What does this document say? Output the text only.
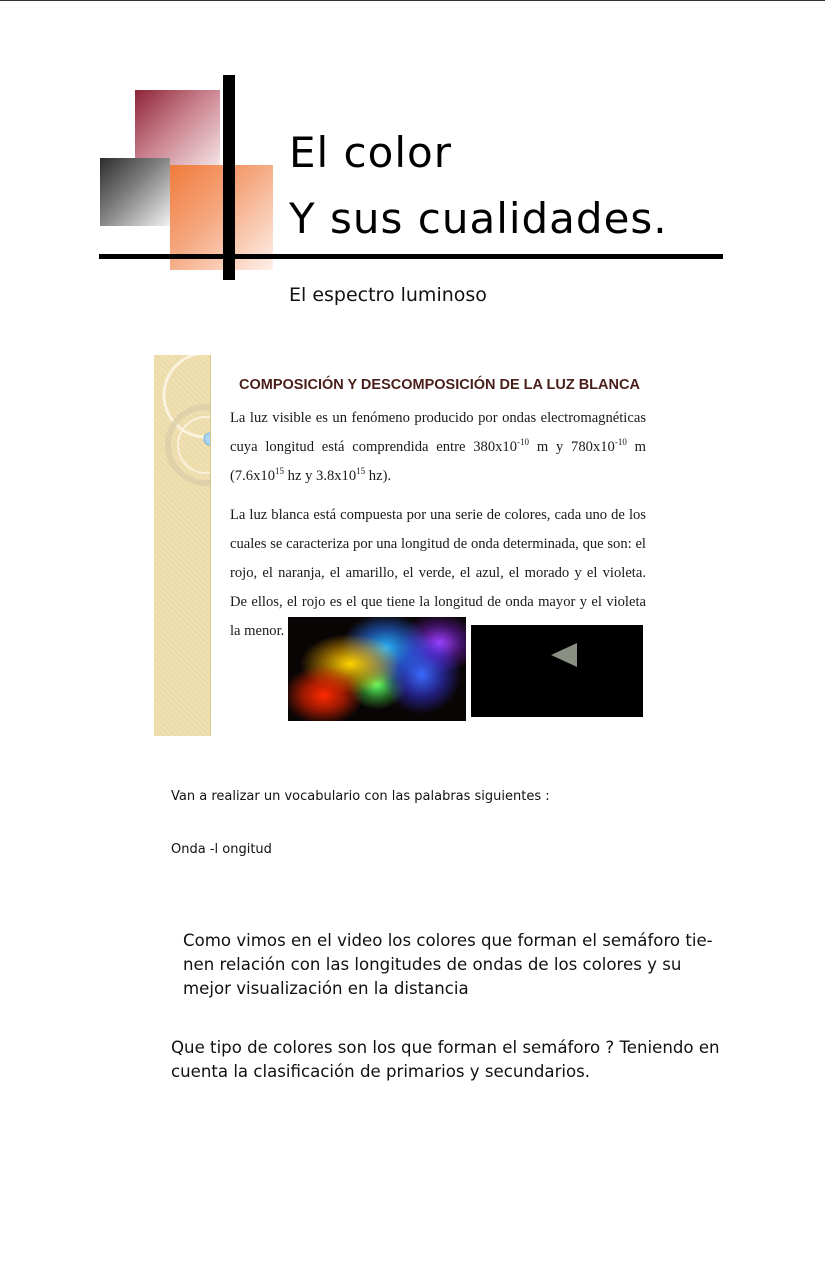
El color
Y sus cualidades.
El espectro luminoso
COMPOSICIÓN Y DESCOMPOSICIÓN DE LA LUZ BLANCA

La luz visible es un fenómeno producido por ondas electromagnéticas cuya longitud está comprendida entre $380x10^{-10}$ m y $780x10^{-10}$ m ($7.6x10^{15}$ hz y $3.8x10^{15}$ hz).

La luz blanca está compuesta por una serie de colores, cada uno de los cuales se caracteriza por una longitud de onda determinada, que son: el rojo, el naranja, el amarillo, el verde, el azul, el morado y el violeta. De ellos, el rojo es el que tiene la longitud de onda mayor y el violeta la menor.

Van a realizar un vocabulario con las palabras siguientes :
Onda -l ongitud

Como vimos en el video los colores que forman el semáforo tie-nen relación con las longitudes de ondas de los colores y su mejor visualización en la distancia

Que tipo de colores son los que forman el semáforo ? Teniendo en cuenta la clasificación de primarios y secundarios.
